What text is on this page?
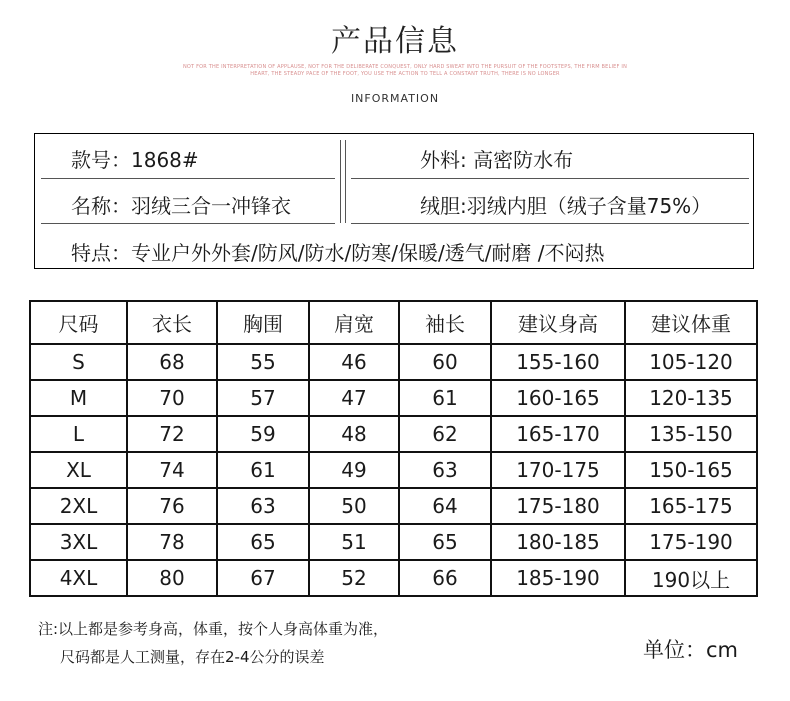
产品信息
NOT FOR THE INTERPRETATION OF APPLAUSE, NOT FOR THE DELIBERATE CONQUEST, ONLY HARD SWEAT INTO THE PURSUIT OF THE FOOTSTEPS, THE FIRM BELIEF IN
HEART, THE STEADY PACE OF THE FOOT, YOU USE THE ACTION TO TELL A CONSTANT TRUTH, THERE IS NO LONGER
INFORMATION
款号：1868#
名称：羽绒三合一冲锋衣
外料: 高密防水布
绒胆:羽绒内胆（绒子含量75%）
特点：专业户外外套/防风/防水/防寒/保暖/透气/耐磨 /不闷热
尺码	衣长	胸围	肩宽	袖长	建议身高	建议体重
S	68	55	46	60	155-160	105-120
M	70	57	47	61	160-165	120-135
L	72	59	48	62	165-170	135-150
XL	74	61	49	63	170-175	150-165
2XL	76	63	50	64	175-180	165-175
3XL	78	65	51	65	180-185	175-190
4XL	80	67	52	66	185-190	190以上
注:以上都是参考身高，体重，按个人身高体重为准，
尺码都是人工测量，存在2-4公分的误差	单位：cm
